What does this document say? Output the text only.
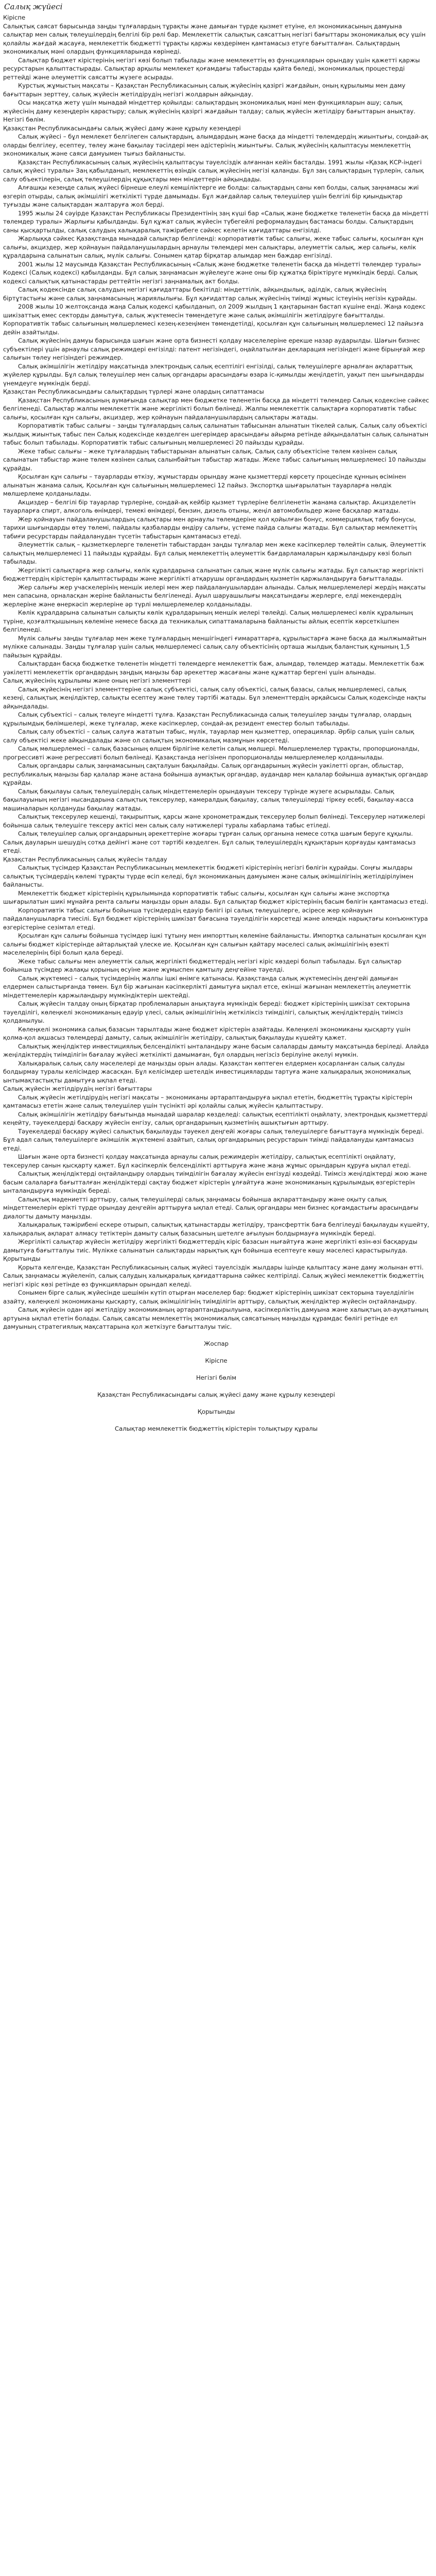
Салық жүйесі

Кіріспе

Салықтық саясат барысында заңды тұлғалардың тұрақты және дамыған түрде қызмет етуіне, ел экономикасының дамуына салықтар мен салық төлеушілердің белгілі бір рөлі бар. Мемлекеттік салықтық саясаттың негізгі бағыттары экономикалық өсу үшін қолайлы жағдай жасауға, мемлекеттік бюджетті тұрақты қаржы көздерімен қамтамасыз етуге бағытталған. Салықтардың экономикалық мәні олардың функцияларында көрінеді.

Салықтар бюджет кірістерінің негізгі көзі болып табылады және мемлекеттің өз функцияларын орындау үшін қажетті қаржы ресурстарын қалыптастырады. Салықтар арқылы мемлекет қоғамдағы табыстарды қайта бөледі, экономикалық процестерді реттейді және әлеуметтік саясатты жүзеге асырады.

Курстық жұмыстың мақсаты – Қазақстан Республикасының салық жүйесінің қазіргі жағдайын, оның құрылымы мен даму бағыттарын зерттеу, салық жүйесін жетілдірудің негізгі жолдарын айқындау.

Осы мақсатқа жету үшін мынадай міндеттер қойылды: салықтардың экономикалық мәні мен функцияларын ашу; салық жүйесінің даму кезеңдерін қарастыру; салық жүйесінің қазіргі жағдайын талдау; салық жүйесін жетілдіру бағыттарын анықтау.

Негізгі бөлім.

Қазақстан Республикасындағы салық жүйесі даму және құрылу кезеңдері

Салық жүйесі – бұл мемлекет белгілеген салықтардың, алымдардың және басқа да міндетті төлемдердің жиынтығы, сондай-ақ оларды белгілеу, есептеу, төлеу және бақылау тәсілдері мен әдістерінің жиынтығы. Салық жүйесінің қалыптасуы мемлекеттің экономикалық және саяси дамуымен тығыз байланысты.

Қазақстан Республикасының салық жүйесінің қалыптасуы тәуелсіздік алғаннан кейін басталды. 1991 жылы «Қазақ КСР-індегі салық жүйесі туралы» Заң қабылданып, мемлекеттің өзіндік салық жүйесінің негізі қаланды. Бұл заң салықтардың түрлерін, салық салу объектілерін, салық төлеушілердің құқықтары мен міндеттерін айқындады.

Алғашқы кезеңде салық жүйесі бірнеше елеулі кемшіліктерге ие болды: салықтардың саны көп болды, салық заңнамасы жиі өзгеріп отырды, салық әкімшілігі жеткілікті түрде дамымады. Бұл жағдайлар салық төлеушілер үшін белгілі бір қиындықтар туғызды және салықтардан жалтаруға жол берді.

1995 жылы 24 сәуірде Қазақстан Республикасы Президентінің заң күші бар «Салық және бюджетке төленетін басқа да міндетті төлемдер туралы» Жарлығы қабылданды. Бұл құжат салық жүйесін түбегейлі реформалаудың бастамасы болды. Салықтардың саны қысқартылды, салық салудың халықаралық тәжірибеге сәйкес келетін қағидаттары енгізілді.

Жарлыққа сәйкес Қазақстанда мынадай салықтар белгіленді: корпоративтік табыс салығы, жеке табыс салығы, қосылған құн салығы, акциздер, жер қойнауын пайдаланушылардың арнаулы төлемдері мен салықтары, әлеуметтік салық, жер салығы, көлік құралдарына салынатын салық, мүлік салығы. Сонымен қатар бірқатар алымдар мен баждар енгізілді.

2001 жылы 12 маусымда Қазақстан Республикасының «Салық және бюджетке төленетін басқа да міндетті төлемдер туралы» Кодексі (Салық кодексі) қабылданды. Бұл салық заңнамасын жүйелеуге және оны бір құжатқа біріктіруге мүмкіндік берді. Салық кодексі салықтық қатынастарды реттейтін негізгі заңнамалық акт болды.

Салық кодексінде салық салудың негізгі қағидаттары бекітілді: міндеттілік, айқындылық, әділдік, салық жүйесінің біртұтастығы және салық заңнамасының жариялылығы. Бұл қағидаттар салық жүйесінің тиімді жұмыс істеуінің негізін құрайды.

2008 жылы 10 желтоқсанда жаңа Салық кодексі қабылданып, ол 2009 жылдың 1 қаңтарынан бастап күшіне енді. Жаңа кодекс шикізаттық емес секторды дамытуға, салық жүктемесін төмендетуге және салық әкімшілігін жетілдіруге бағытталды. Корпоративтік табыс салығының мөлшерлемесі кезең-кезеңімен төмендетілді, қосылған құн салығының мөлшерлемесі 12 пайызға дейін азайтылды.

Салық жүйесінің дамуы барысында шағын және орта бизнесті қолдау мәселелеріне ерекше назар аударылды. Шағын бизнес субъектілері үшін арнаулы салық режимдері енгізілді: патент негізіндегі, оңайлатылған декларация негізіндегі және бірыңғай жер салығын төлеу негізіндегі режимдер.

Салық әкімшілігін жетілдіру мақсатында электрондық салық есептілігі енгізілді, салық төлеушілерге арналған ақпараттық жүйелер құрылды. Бұл салық төлеушілер мен салық органдары арасындағы өзара іс-қимылды жеңілдетіп, уақыт пен шығындарды үнемдеуге мүмкіндік берді.

Қазақстан Республикасындағы салықтардың түрлері және олардың сипаттамасы

Қазақстан Республикасының аумағында салықтар мен бюджетке төленетін басқа да міндетті төлемдер Салық кодексіне сәйкес белгіленеді. Салықтар жалпы мемлекеттік және жергілікті болып бөлінеді. Жалпы мемлекеттік салықтарға корпоративтік табыс салығы, қосылған құн салығы, акциздер, жер қойнауын пайдаланушылардың салықтары жатады.

Корпоративтік табыс салығы – заңды тұлғалардың салық салынатын табысынан алынатын тікелей салық. Салық салу объектісі жылдық жиынтық табыс пен Салық кодексінде көзделген шегерімдер арасындағы айырма ретінде айқындалатын салық салынатын табыс болып табылады. Корпоративтік табыс салығының мөлшерлемесі 20 пайызды құрайды.

Жеке табыс салығы – жеке тұлғалардың табыстарынан алынатын салық. Салық салу объектісіне төлем көзінен салық салынатын табыстар және төлем көзінен салық салынбайтын табыстар жатады. Жеке табыс салығының мөлшерлемесі 10 пайызды құрайды.

Қосылған құн салығы – тауарларды өткізу, жұмыстарды орындау және қызметтерді көрсету процесінде құнның өсімінен алынатын жанама салық. Қосылған құн салығының мөлшерлемесі 12 пайыз. Экспортқа шығарылатын тауарларға нөлдік мөлшерлеме қолданылады.

Акциздер – белгілі бір тауарлар түрлеріне, сондай-ақ кейбір қызмет түрлеріне белгіленетін жанама салықтар. Акцизделетін тауарларға спирт, алкоголь өнімдері, темекі өнімдері, бензин, дизель отыны, жеңіл автомобильдер және басқалар жатады.

Жер қойнауын пайдаланушылардың салықтары мен арнаулы төлемдеріне қол қойылған бонус, коммерциялық табу бонусы, тарихи шығындарды өтеу төлемі, пайдалы қазбаларды өндіру салығы, үстеме пайда салығы жатады. Бұл салықтар мемлекеттің табиғи ресурстарды пайдаланудан түсетін табыстарын қамтамасыз етеді.

Әлеуметтік салық – қызметкерлерге төленетін табыстардан заңды тұлғалар мен жеке кәсіпкерлер төлейтін салық. Әлеуметтік салықтың мөлшерлемесі 11 пайызды құрайды. Бұл салық мемлекеттің әлеуметтік бағдарламаларын қаржыландыру көзі болып табылады.

Жергілікті салықтарға жер салығы, көлік құралдарына салынатын салық және мүлік салығы жатады. Бұл салықтар жергілікті бюджеттердің кірістерін қалыптастырады және жергілікті атқарушы органдардың қызметін қаржыландыруға бағытталады.

Жер салығы жер учаскелерінің меншік иелері мен жер пайдаланушылардан алынады. Салық мөлшерлемелері жердің мақсаты мен сапасына, орналасқан жеріне байланысты белгіленеді. Ауыл шаруашылығы мақсатындағы жерлерге, елді мекендердің жерлеріне және өнеркәсіп жерлеріне әр түрлі мөлшерлемелер қолданылады.

Көлік құралдарына салынатын салықты көлік құралдарының меншік иелері төлейді. Салық мөлшерлемесі көлік құралының түріне, қозғалтқышының көлеміне немесе басқа да техникалық сипаттамаларына байланысты айлық есептік көрсеткішпен белгіленеді.

Мүлік салығы заңды тұлғалар мен жеке тұлғалардың меншігіндегі ғимараттарға, құрылыстарға және басқа да жылжымайтын мүлікке салынады. Заңды тұлғалар үшін салық мөлшерлемесі салық салу объектісінің орташа жылдық баланстық құнының 1,5 пайызын құрайды.

Салықтардан басқа бюджетке төленетін міндетті төлемдерге мемлекеттік баж, алымдар, төлемдер жатады. Мемлекеттік баж уәкілетті мемлекеттік органдардың заңдық маңызы бар әрекеттер жасағаны және құжаттар бергені үшін алынады.

Салық жүйесінің құрылымы және оның негізгі элементтері

Салық жүйесінің негізгі элементтеріне салық субъектісі, салық салу объектісі, салық базасы, салық мөлшерлемесі, салық кезеңі, салықтық жеңілдіктер, салықты есептеу және төлеу тәртібі жатады. Бұл элементтердің әрқайсысы Салық кодексінде нақты айқындалады.

Салық субъектісі – салық төлеуге міндетті тұлға. Қазақстан Республикасында салық төлеушілер заңды тұлғалар, олардың құрылымдық бөлімшелері, жеке тұлғалар, жеке кәсіпкерлер, сондай-ақ резидент еместер болып табылады.

Салық салу объектісі – салық салуға жататын табыс, мүлік, тауарлар мен қызметтер, операциялар. Әрбір салық үшін салық салу объектісі жеке айқындалады және ол салықтың экономикалық мазмұнын көрсетеді.

Салық мөлшерлемесі – салық базасының өлшем бірлігіне келетін салық мөлшері. Мөлшерлемелер тұрақты, пропорционалды, прогрессивті және регрессивті болып бөлінеді. Қазақстанда негізінен пропорционалды мөлшерлемелер қолданылады.

Салық органдары салық заңнамасының сақталуын бақылайды. Салық органдарының жүйесін уәкілетті орган, облыстар, республикалық маңызы бар қалалар және астана бойынша аумақтық органдар, аудандар мен қалалар бойынша аумақтық органдар құрайды.

Салық бақылауы салық төлеушілердің салық міндеттемелерін орындауын тексеру түрінде жүзеге асырылады. Салық бақылауының негізгі нысандарына салықтық тексерулер, камералдық бақылау, салық төлеушілерді тіркеу есебі, бақылау-касса машиналарын қолдануды бақылау жатады.

Салықтық тексерулер кешенді, тақырыптық, қарсы және хронометраждық тексерулер болып бөлінеді. Тексерулер нәтижелері бойынша салық төлеушіге тексеру актісі мен салық салу нәтижелері туралы хабарлама табыс етіледі.

Салық төлеушілер салық органдарының әрекеттеріне жоғары тұрған салық органына немесе сотқа шағым беруге құқылы. Салық дауларын шешудің сотқа дейінгі және сот тәртібі көзделген. Бұл салық төлеушілердің құқықтарын қорғауды қамтамасыз етеді.

Қазақстан Республикасының салық жүйесін талдау

Салықтық түсімдер Қазақстан Республикасының мемлекеттік бюджеті кірістерінің негізгі бөлігін құрайды. Соңғы жылдары салықтық түсімдердің көлемі тұрақты түрде өсіп келеді, бұл экономиканың дамуымен және салық әкімшілігінің жетілдірілуімен байланысты.

Мемлекеттік бюджет кірістерінің құрылымында корпоративтік табыс салығы, қосылған құн салығы және экспортқа шығарылатын шикі мұнайға рента салығы маңызды орын алады. Бұл салықтар бюджет кірістерінің басым бөлігін қамтамасыз етеді.

Корпоративтік табыс салығы бойынша түсімдердің едәуір бөлігі ірі салық төлеушілерге, әсіресе жер қойнауын пайдаланушыларға тиесілі. Бұл бюджет кірістерінің шикізат бағасына тәуелділігін көрсетеді және әлемдік нарықтағы конъюнктура өзгерістеріне сезімтал етеді.

Қосылған құн салығы бойынша түсімдер ішкі тұтыну мен импорттың көлеміне байланысты. Импортқа салынатын қосылған құн салығы бюджет кірістерінде айтарлықтай үлеске ие. Қосылған құн салығын қайтару мәселесі салық әкімшілігінің өзекті мәселелерінің бірі болып қала береді.

Жеке табыс салығы мен әлеуметтік салық жергілікті бюджеттердің негізгі кіріс көздері болып табылады. Бұл салықтар бойынша түсімдер жалақы қорының өсуіне және жұмыспен қамтылу деңгейіне тәуелді.

Салық жүктемесі – салық түсімдерінің жалпы ішкі өнімге қатынасы. Қазақстанда салық жүктемесінің деңгейі дамыған елдермен салыстырғанда төмен. Бұл бір жағынан кәсіпкерлікті дамытуға ықпал етсе, екінші жағынан мемлекеттің әлеуметтік міндеттемелерін қаржыландыру мүмкіндіктерін шектейді.

Салық жүйесін талдау оның бірқатар проблемаларын анықтауға мүмкіндік береді: бюджет кірістерінің шикізат секторына тәуелділігі, көлеңкелі экономиканың едәуір үлесі, салық әкімшілігінің жеткіліксіз тиімділігі, салықтық жеңілдіктердің тиімсіз қолданылуы.

Көлеңкелі экономика салық базасын тарылтады және бюджет кірістерін азайтады. Көлеңкелі экономиканы қысқарту үшін қолма-қол ақшасыз төлемдерді дамыту, салық әкімшілігін жетілдіру, салықтық бақылауды күшейту қажет.

Салықтық жеңілдіктер инвестициялық белсенділікті ынталандыру және басым салаларды дамыту мақсатында беріледі. Алайда жеңілдіктердің тиімділігін бағалау жүйесі жеткілікті дамымаған, бұл олардың негізсіз берілуіне әкелуі мүмкін.

Халықаралық салық салу мәселелері де маңызды орын алады. Қазақстан көптеген елдермен қосарланған салық салуды болдырмау туралы келісімдер жасасқан. Бұл келісімдер шетелдік инвестицияларды тартуға және халықаралық экономикалық ынтымақтастықты дамытуға ықпал етеді.

Салық жүйесін жетілдірудің негізгі бағыттары

Салық жүйесін жетілдірудің негізгі мақсаты – экономиканы әртараптандыруға ықпал ететін, бюджеттің тұрақты кірістерін қамтамасыз ететін және салық төлеушілер үшін түсінікті әрі қолайлы салық жүйесін қалыптастыру.

Салық әкімшілігін жетілдіру бағытында мынадай шаралар көзделеді: салықтық есептілікті оңайлату, электрондық қызметтерді кеңейту, тәуекелдерді басқару жүйесін енгізу, салық органдарының қызметінің ашықтығын арттыру.

Тәуекелдерді басқару жүйесі салықтық бақылауды тәуекел деңгейі жоғары салық төлеушілерге бағыттауға мүмкіндік береді. Бұл адал салық төлеушілерге әкімшілік жүктемені азайтып, салық органдарының ресурстарын тиімді пайдалануды қамтамасыз етеді.

Шағын және орта бизнесті қолдау мақсатында арнаулы салық режимдерін жетілдіру, салықтық есептілікті оңайлату, тексерулер санын қысқарту қажет. Бұл кәсіпкерлік белсенділікті арттыруға және жаңа жұмыс орындарын құруға ықпал етеді.

Салықтық жеңілдіктерді оңтайландыру олардың тиімділігін бағалау жүйесін енгізуді көздейді. Тиімсіз жеңілдіктерді жою және басым салаларға бағытталған жеңілдіктерді сақтау бюджет кірістерін ұлғайтуға және экономиканың құрылымдық өзгерістерін ынталандыруға мүмкіндік береді.

Салықтық мәдениетті арттыру, салық төлеушілерді салық заңнамасы бойынша ақпараттандыру және оқыту салық міндеттемелерін ерікті түрде орындау деңгейін арттыруға ықпал етеді. Салық органдары мен бизнес қоғамдастығы арасындағы диалогты дамыту маңызды.

Халықаралық тәжірибені ескере отырып, салықтық қатынастарды жетілдіру, трансферттік баға белгілеуді бақылауды күшейту, халықаралық ақпарат алмасу тетіктерін дамыту салық базасының шетелге ағылуын болдырмауға мүмкіндік береді.

Жергілікті салықтар жүйесін жетілдіру жергілікті бюджеттердің кіріс базасын нығайтуға және жергілікті өзін-өзі басқаруды дамытуға бағытталуы тиіс. Мүлікке салынатын салықтарды нарықтық құн бойынша есептеуге көшу мәселесі қарастырылуда.

Қорытынды

Қорыта келгенде, Қазақстан Республикасының салық жүйесі тәуелсіздік жылдары ішінде қалыптасу және даму жолынан өтті. Салық заңнамасы жүйеленіп, салық салудың халықаралық қағидаттарына сәйкес келтірілді. Салық жүйесі мемлекеттік бюджеттің негізгі кіріс көзі ретінде өз функцияларын орындап келеді.

Сонымен бірге салық жүйесінде шешімін күтіп отырған мәселелер бар: бюджет кірістерінің шикізат секторына тәуелділігін азайту, көлеңкелі экономиканы қысқарту, салық әкімшілігінің тиімділігін арттыру, салықтық жеңілдіктер жүйесін оңтайландыру.

Салық жүйесін одан әрі жетілдіру экономиканың әртараптандырылуына, кәсіпкерліктің дамуына және халықтың әл-ауқатының артуына ықпал ететін болады. Салық саясаты мемлекеттің экономикалық саясатының маңызды құрамдас бөлігі ретінде ел дамуының стратегиялық мақсаттарына қол жеткізуге бағытталуы тиіс.

Жоспар

Кіріспе

Негізгі бөлім

Қазақстан Республикасындағы салық жүйесі даму және құрылу кезеңдері

Қорытынды

Салықтар мемлекеттік бюджеттің кірістерін толықтыру құралы
